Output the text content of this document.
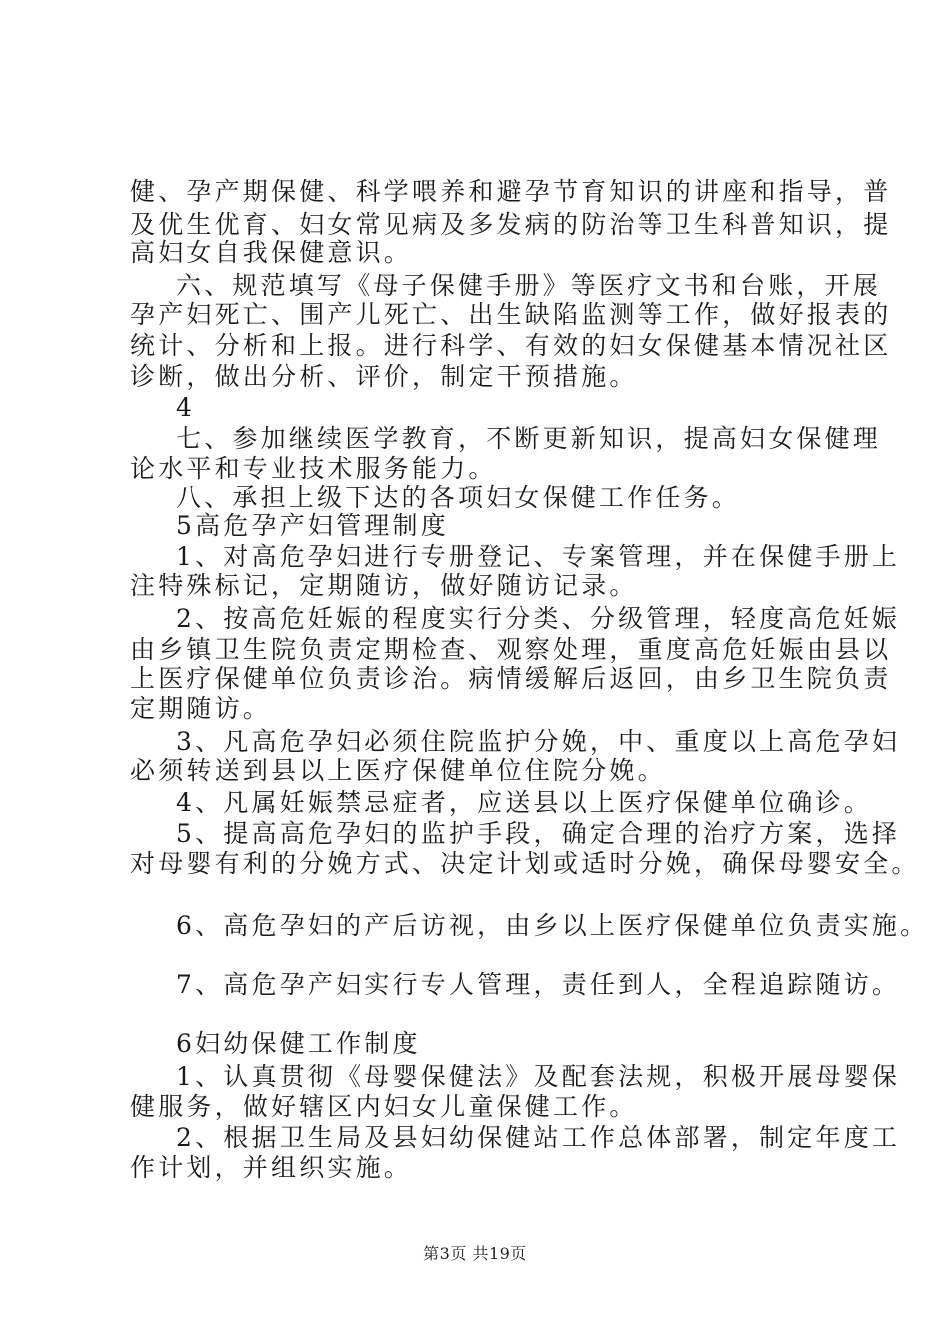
健、孕产期保健、科学喂养和避孕节育知识的讲座和指导，普
及优生优育、妇女常见病及多发病的防治等卫生科普知识，提
高妇女自我保健意识。
六、规范填写《母子保健手册》等医疗文书和台账，开展
孕产妇死亡、围产儿死亡、出生缺陷监测等工作，做好报表的
统计、分析和上报。进行科学、有效的妇女保健基本情况社区
诊断，做出分析、评价，制定干预措施。
4
七、参加继续医学教育，不断更新知识，提高妇女保健理
论水平和专业技术服务能力。
八、承担上级下达的各项妇女保健工作任务。
5高危孕产妇管理制度
1、对高危孕妇进行专册登记、专案管理，并在保健手册上
注特殊标记，定期随访，做好随访记录。
2、按高危妊娠的程度实行分类、分级管理，轻度高危妊娠
由乡镇卫生院负责定期检查、观察处理，重度高危妊娠由县以
上医疗保健单位负责诊治。病情缓解后返回，由乡卫生院负责
定期随访。
3、凡高危孕妇必须住院监护分娩，中、重度以上高危孕妇
必须转送到县以上医疗保健单位住院分娩。
4、凡属妊娠禁忌症者，应送县以上医疗保健单位确诊。
5、提高高危孕妇的监护手段，确定合理的治疗方案，选择
对母婴有利的分娩方式、决定计划或适时分娩，确保母婴安全。
6、高危孕妇的产后访视，由乡以上医疗保健单位负责实施。
7、高危孕产妇实行专人管理，责任到人，全程追踪随访。
6妇幼保健工作制度
1、认真贯彻《母婴保健法》及配套法规，积极开展母婴保
健服务，做好辖区内妇女儿童保健工作。
2、根据卫生局及县妇幼保健站工作总体部署，制定年度工
作计划，并组织实施。
第3页 共19页
